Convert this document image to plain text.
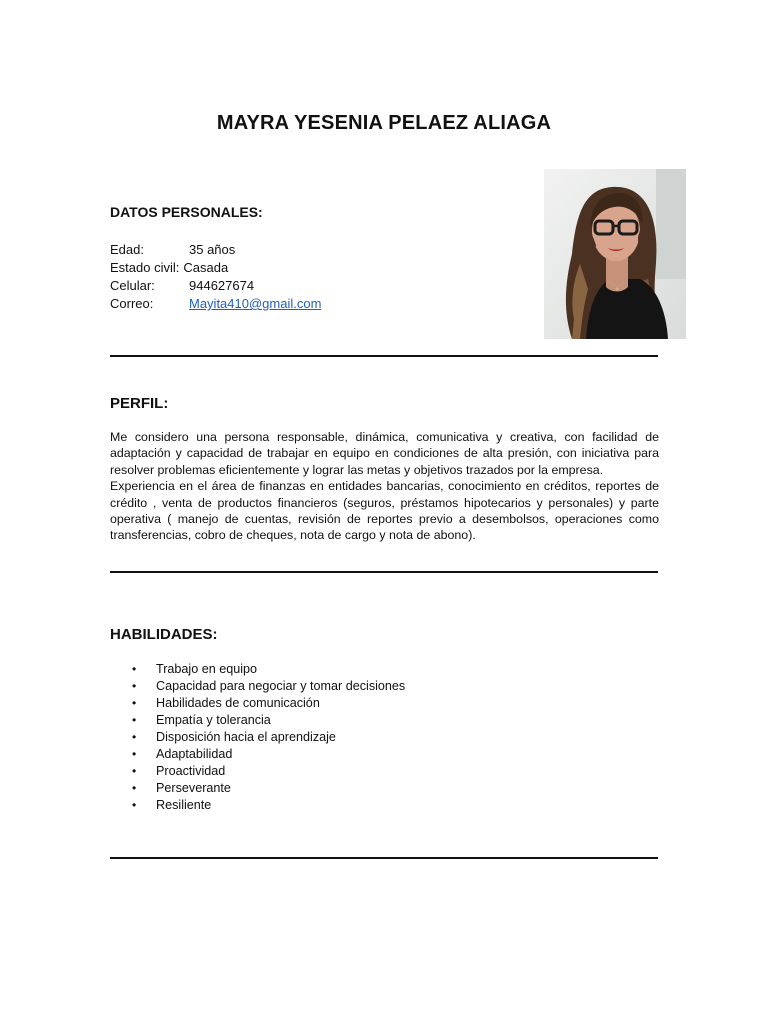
MAYRA YESENIA PELAEZ ALIAGA
DATOS PERSONALES:
Edad:	35 años
Estado civil: Casada
Celular:	944627674
Correo:	Mayita410@gmail.com
PERFIL:

Me considero una persona responsable, dinámica, comunicativa y creativa, con facilidad de adaptación y capacidad de trabajar en equipo en condiciones de alta presión, con iniciativa para resolver problemas eficientemente y lograr las metas y objetivos trazados por la empresa.

Experiencia en el área de finanzas en entidades bancarias, conocimiento en créditos, reportes de crédito , venta de productos financieros (seguros, préstamos hipotecarios y personales) y parte operativa ( manejo de cuentas, revisión de reportes previo a desembolsos, operaciones como transferencias, cobro de cheques, nota de cargo y nota de abono).

HABILIDADES:
• Trabajo en equipo
• Capacidad para negociar y tomar decisiones
• Habilidades de comunicación
• Empatía y tolerancia
• Disposición hacia el aprendizaje
• Adaptabilidad
• Proactividad
• Perseverante
• Resiliente
